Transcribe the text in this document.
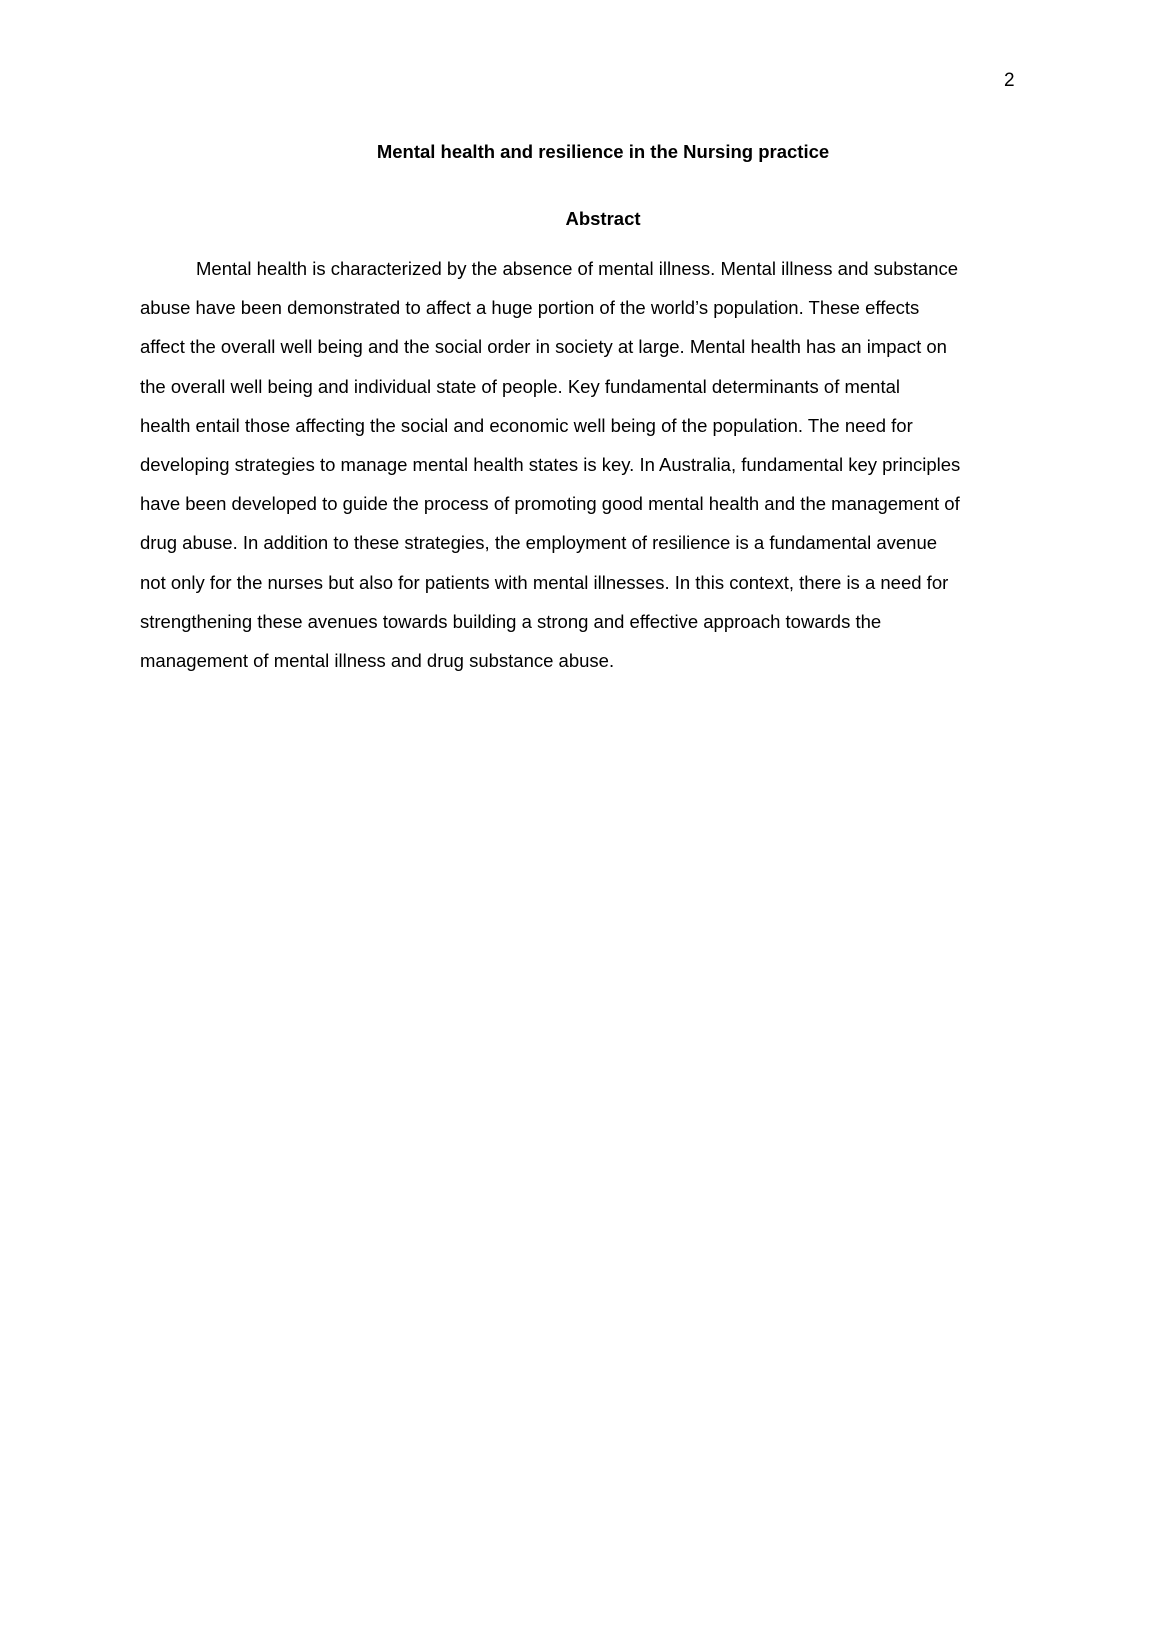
2
Mental health and resilience in the Nursing practice
Abstract
Mental health is characterized by the absence of mental illness. Mental illness and substance
abuse have been demonstrated to affect a huge portion of the world’s population. These effects
affect the overall well being and the social order in society at large. Mental health has an impact on
the overall well being and individual state of people. Key fundamental determinants of mental
health entail those affecting the social and economic well being of the population. The need for
developing strategies to manage mental health states is key. In Australia, fundamental key principles
have been developed to guide the process of promoting good mental health and the management of
drug abuse. In addition to these strategies, the employment of resilience is a fundamental avenue
not only for the nurses but also for patients with mental illnesses. In this context, there is a need for
strengthening these avenues towards building a strong and effective approach towards the
management of mental illness and drug substance abuse.
